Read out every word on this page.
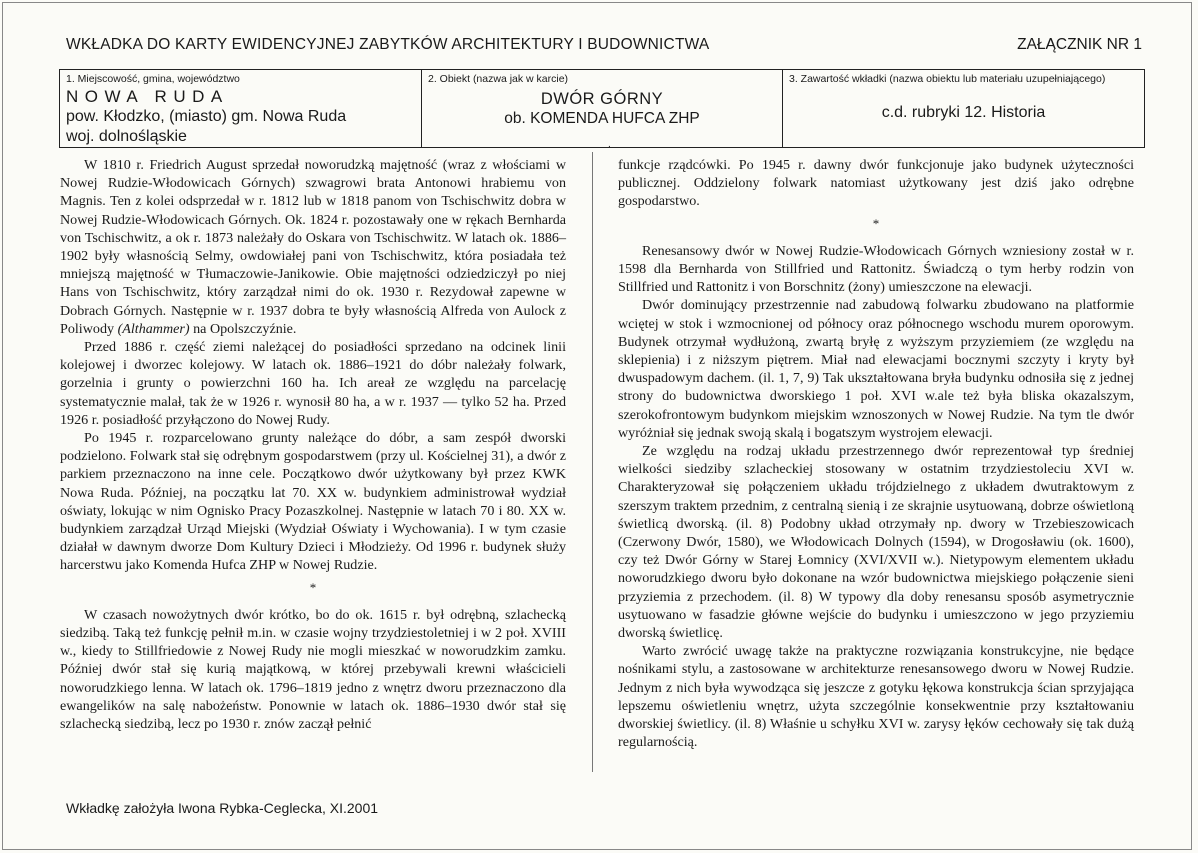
WKŁADKA DO KARTY EWIDENCYJNEJ ZABYTKÓW ARCHITEKTURY I BUDOWNICTWA	ZAŁĄCZNIK NR 1
1. Miejscowość, gmina, województwo
NOWA RUDA
pow. Kłodzko, (miasto) gm. Nowa Ruda
woj. dolnośląskie
2. Obiekt (nazwa jak w karcie)
DWÓR GÓRNY
ob. KOMENDA HUFCA ZHP
3. Zawartość wkładki (nazwa obiektu lub materiału uzupełniającego)
c.d. rubryki 12. Historia
.

W 1810 r. Friedrich August sprzedał noworudzką majętność (wraz z włościami w Nowej Rudzie-Włodowicach Górnych) szwagrowi brata Antonowi hrabiemu von Magnis. Ten z kolei odsprzedał w r. 1812 lub w 1818 panom von Tschischwitz dobra w Nowej Rudzie-Włodowicach Górnych. Ok. 1824 r. pozostawały one w rękach Bernharda von Tschischwitz, a ok r. 1873 należały do Oskara von Tschischwitz. W latach ok. 1886–1902 były własnością Selmy, owdowiałej pani von Tschischwitz, która posiadała też mniejszą majętność w Tłumaczowie-Janikowie. Obie majętności odziedziczył po niej Hans von Tschischwitz, który zarządzał nimi do ok. 1930 r. Rezydował zapewne w Dobrach Górnych. Następnie w r. 1937 dobra te były własnością Alfreda von Aulock z Poliwody (Althammer) na Opolszczyźnie.

Przed 1886 r. część ziemi należącej do posiadłości sprzedano na odcinek linii kolejowej i dworzec kolejowy. W latach ok. 1886–1921 do dóbr należały folwark, gorzelnia i grunty o powierzchni 160 ha. Ich areał ze względu na parcelację systematycznie malał, tak że w 1926 r. wynosił 80 ha, a w r. 1937 — tylko 52 ha. Przed 1926 r. posiadłość przyłączono do Nowej Rudy.

Po 1945 r. rozparcelowano grunty należące do dóbr, a sam zespół dworski podzielono. Folwark stał się odrębnym gospodarstwem (przy ul. Kościelnej 31), a dwór z parkiem przeznaczono na inne cele. Początkowo dwór użytkowany był przez KWK Nowa Ruda. Później, na początku lat 70. XX w. budynkiem administrował wydział oświaty, lokując w nim Ognisko Pracy Pozaszkolnej. Następnie w latach 70 i 80. XX w. budynkiem zarządzał Urząd Miejski (Wydział Oświaty i Wychowania). I w tym czasie działał w dawnym dworze Dom Kultury Dzieci i Młodzieży. Od 1996 r. budynek służy harcerstwu jako Komenda Hufca ZHP w Nowej Rudzie.

*

W czasach nowożytnych dwór krótko, bo do ok. 1615 r. był odrębną, szlachecką siedzibą. Taką też funkcję pełnił m.in. w czasie wojny trzydziestoletniej i w 2 poł. XVIII w., kiedy to Stillfriedowie z Nowej Rudy nie mogli mieszkać w noworudzkim zamku. Później dwór stał się kurią majątkową, w której przebywali krewni właścicieli noworudzkiego lenna. W latach ok. 1796–1819 jedno z wnętrz dworu przeznaczono dla ewangelików na salę nabożeństw. Ponownie w latach ok. 1886–1930 dwór stał się szlachecką siedzibą, lecz po 1930 r. znów zaczął pełnić

funkcje rządcówki. Po 1945 r. dawny dwór funkcjonuje jako budynek użyteczności publicznej. Oddzielony folwark natomiast użytkowany jest dziś jako odrębne gospodarstwo.

*

Renesansowy dwór w Nowej Rudzie-Włodowicach Górnych wzniesiony został w r. 1598 dla Bernharda von Stillfried und Rattonitz. Świadczą o tym herby rodzin von Stillfried und Rattonitz i von Borschnitz (żony) umieszczone na elewacji.

Dwór dominujący przestrzennie nad zabudową folwarku zbudowano na platformie wciętej w stok i wzmocnionej od północy oraz północnego wschodu murem oporowym. Budynek otrzymał wydłużoną, zwartą bryłę z wyższym przyziemiem (ze względu na sklepienia) i z niższym piętrem. Miał nad elewacjami bocznymi szczyty i kryty był dwuspadowym dachem. (il. 1, 7, 9) Tak ukształtowana bryła budynku odnosiła się z jednej strony do budownictwa dworskiego 1 poł. XVI w.ale też była bliska okazalszym, szerokofrontowym budynkom miejskim wznoszonych w Nowej Rudzie. Na tym tle dwór wyróżniał się jednak swoją skalą i bogatszym wystrojem elewacji.

Ze względu na rodzaj układu przestrzennego dwór reprezentował typ średniej wielkości siedziby szlacheckiej stosowany w ostatnim trzydziestoleciu XVI w. Charakteryzował się połączeniem układu trójdzielnego z układem dwutraktowym z szerszym traktem przednim, z centralną sienią i ze skrajnie usytuowaną, dobrze oświetloną świetlicą dworską. (il. 8) Podobny układ otrzymały np. dwory w Trzebieszowicach (Czerwony Dwór, 1580), we Włodowicach Dolnych (1594), w Drogosławiu (ok. 1600), czy też Dwór Górny w Starej Łomnicy (XVI/XVII w.). Nietypowym elementem układu noworudzkiego dworu było dokonane na wzór budownictwa miejskiego połączenie sieni przyziemia z przechodem. (il. 8) W typowy dla doby renesansu sposób asymetrycznie usytuowano w fasadzie główne wejście do budynku i umieszczono w jego przyziemiu dworską świetlicę.

Warto zwrócić uwagę także na praktyczne rozwiązania konstrukcyjne, nie będące nośnikami stylu, a zastosowane w architekturze renesansowego dworu w Nowej Rudzie. Jednym z nich była wywodząca się jeszcze z gotyku łękowa konstrukcja ścian sprzyjająca lepszemu oświetleniu wnętrz, użyta szczególnie konsekwentnie przy kształtowaniu dworskiej świetlicy. (il. 8) Właśnie u schyłku XVI w. zarysy łęków cechowały się tak dużą regularnością.

Wkładkę założyła Iwona Rybka-Ceglecka, XI.2001
